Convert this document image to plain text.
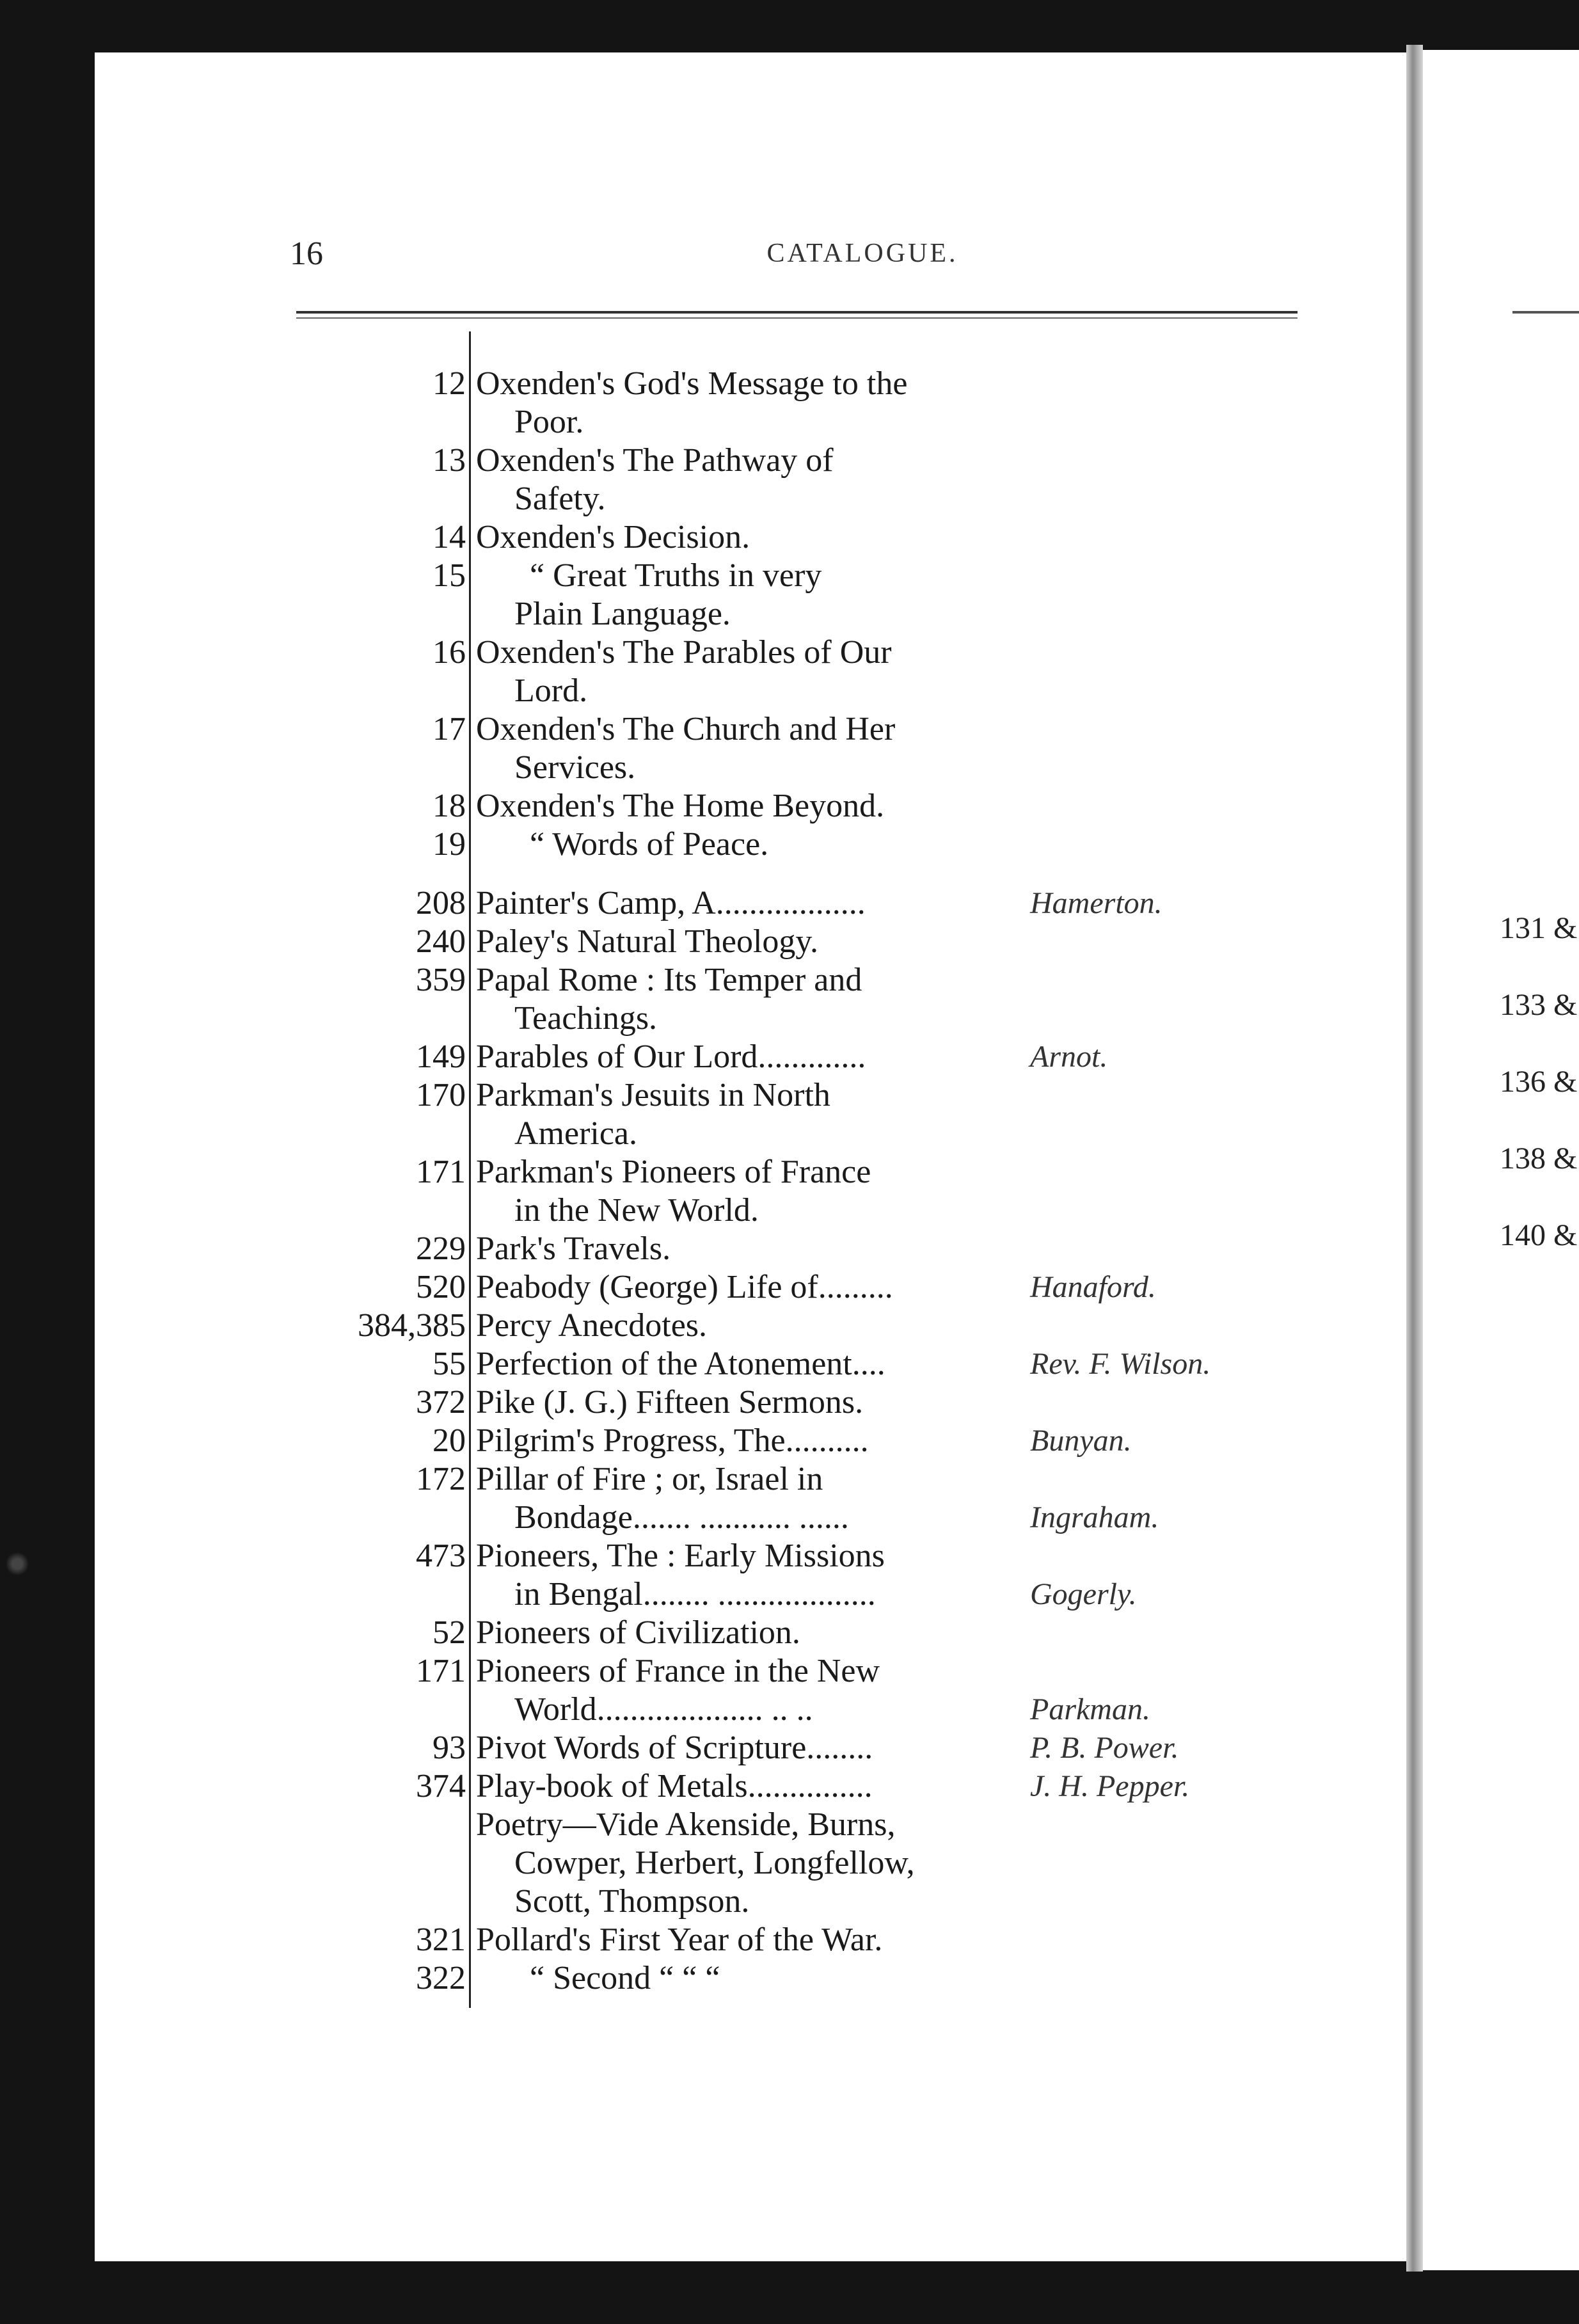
131 &
133 &
136 &
138 &
140 &
16	CATALOGUE.
12 Oxenden's God's Message to the
Poor.
13 Oxenden's The Pathway of
Safety.
14 Oxenden's Decision.
15 “ Great Truths in very
Plain Language.
16 Oxenden's The Parables of Our
Lord.
17 Oxenden's The Church and Her
Services.
18 Oxenden's The Home Beyond.
19 “ Words of Peace.
208 Painter's Camp, A..................	Hamerton.
240 Paley's Natural Theology.
359 Papal Rome : Its Temper and
Teachings.
149 Parables of Our Lord.............	Arnot.
170 Parkman's Jesuits in North
America.
171 Parkman's Pioneers of France
in the New World.
229 Park's Travels.
520 Peabody (George) Life of.........	Hanaford.
384,385 Percy Anecdotes.
55 Perfection of the Atonement....	Rev. F. Wilson.
372 Pike (J. G.) Fifteen Sermons.
20 Pilgrim's Progress, The..........	Bunyan.
172 Pillar of Fire ; or, Israel in
Bondage....... ........... ......	Ingraham.
473 Pioneers, The : Early Missions
in Bengal........ ...................	Gogerly.
52 Pioneers of Civilization.
171 Pioneers of France in the New
World.................... .. ..	Parkman.
93 Pivot Words of Scripture........	P. B. Power.
374 Play-book of Metals...............	J. H. Pepper.
Poetry—Vide Akenside, Burns,
Cowper, Herbert, Longfellow,
Scott, Thompson.
321 Pollard's First Year of the War.
322 “ Second “ “ “
